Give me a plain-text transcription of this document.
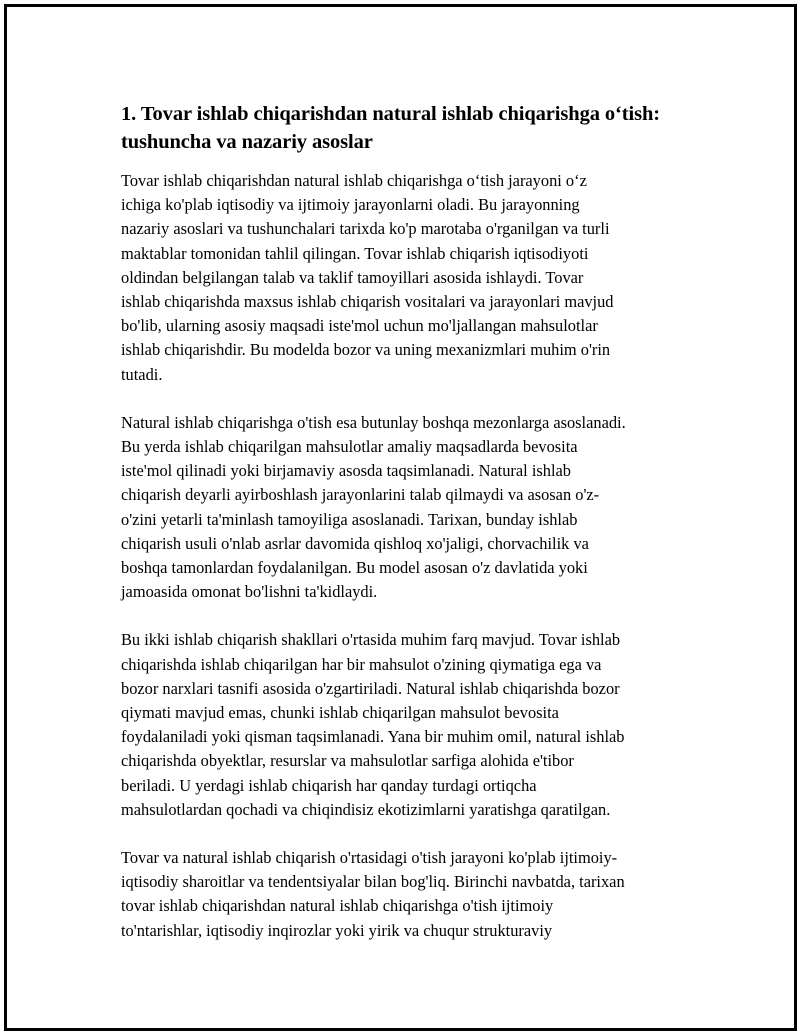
1. Tovar ishlab chiqarishdan natural ishlab chiqarishga o‘tish:
tushuncha va nazariy asoslar

Tovar ishlab chiqarishdan natural ishlab chiqarishga o‘tish jarayoni o‘z
ichiga ko'plab iqtisodiy va ijtimoiy jarayonlarni oladi. Bu jarayonning
nazariy asoslari va tushunchalari tarixda ko'p marotaba o'rganilgan va turli
maktablar tomonidan tahlil qilingan. Tovar ishlab chiqarish iqtisodiyoti
oldindan belgilangan talab va taklif tamoyillari asosida ishlaydi. Tovar
ishlab chiqarishda maxsus ishlab chiqarish vositalari va jarayonlari mavjud
bo'lib, ularning asosiy maqsadi iste'mol uchun mo'ljallangan mahsulotlar
ishlab chiqarishdir. Bu modelda bozor va uning mexanizmlari muhim o'rin
tutadi.

Natural ishlab chiqarishga o'tish esa butunlay boshqa mezonlarga asoslanadi.
Bu yerda ishlab chiqarilgan mahsulotlar amaliy maqsadlarda bevosita
iste'mol qilinadi yoki birjamaviy asosda taqsimlanadi. Natural ishlab
chiqarish deyarli ayirboshlash jarayonlarini talab qilmaydi va asosan o'z-
o'zini yetarli ta'minlash tamoyiliga asoslanadi. Tarixan, bunday ishlab
chiqarish usuli o'nlab asrlar davomida qishloq xo'jaligi, chorvachilik va
boshqa tamonlardan foydalanilgan. Bu model asosan o'z davlatida yoki
jamoasida omonat bo'lishni ta'kidlaydi.

Bu ikki ishlab chiqarish shakllari o'rtasida muhim farq mavjud. Tovar ishlab
chiqarishda ishlab chiqarilgan har bir mahsulot o'zining qiymatiga ega va
bozor narxlari tasnifi asosida o'zgartiriladi. Natural ishlab chiqarishda bozor
qiymati mavjud emas, chunki ishlab chiqarilgan mahsulot bevosita
foydalaniladi yoki qisman taqsimlanadi. Yana bir muhim omil, natural ishlab
chiqarishda obyektlar, resurslar va mahsulotlar sarfiga alohida e'tibor
beriladi. U yerdagi ishlab chiqarish har qanday turdagi ortiqcha
mahsulotlardan qochadi va chiqindisiz ekotizimlarni yaratishga qaratilgan.

Tovar va natural ishlab chiqarish o'rtasidagi o'tish jarayoni ko'plab ijtimoiy-
iqtisodiy sharoitlar va tendentsiyalar bilan bog'liq. Birinchi navbatda, tarixan
tovar ishlab chiqarishdan natural ishlab chiqarishga o'tish ijtimoiy
to'ntarishlar, iqtisodiy inqirozlar yoki yirik va chuqur strukturaviy
